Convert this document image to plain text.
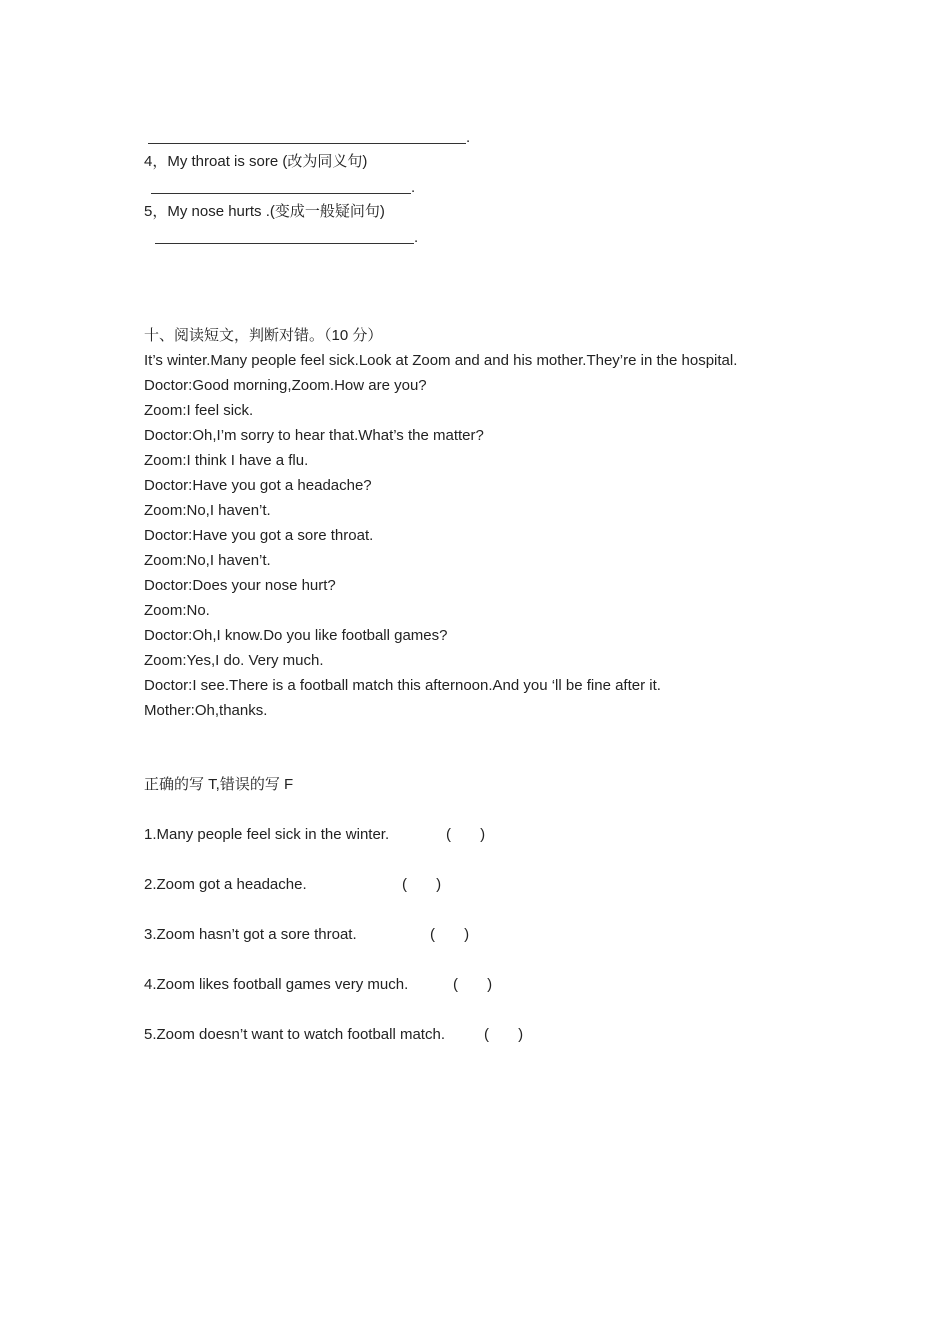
.
4，My throat is sore (改为同义句)
.
5，My nose hurts .(变成一般疑问句)
.
十、阅读短文，判断对错。（10 分）
It’s winter.Many people feel sick.Look at Zoom and and his mother.They’re in the hospital.
Doctor:Good morning,Zoom.How are you?
Zoom:I feel sick.
Doctor:Oh,I’m sorry to hear that.What’s the matter?
Zoom:I think I have a flu.
Doctor:Have you got a headache?
Zoom:No,I haven’t.
Doctor:Have you got a sore throat.
Zoom:No,I haven’t.
Doctor:Does your nose hurt?
Zoom:No.
Doctor:Oh,I know.Do you like football games?
Zoom:Yes,I do. Very much.
Doctor:I see.There is a football match this afternoon.And you ‘ll be fine after it.
Mother:Oh,thanks.
正确的写 T,错误的写 F
1.Many people feel sick in the winter.	(       )
2.Zoom got a headache.	(       )
3.Zoom hasn’t got a sore throat.	(       )
4.Zoom likes football games very much.	(       )
5.Zoom doesn’t want to watch football match.	(       )
